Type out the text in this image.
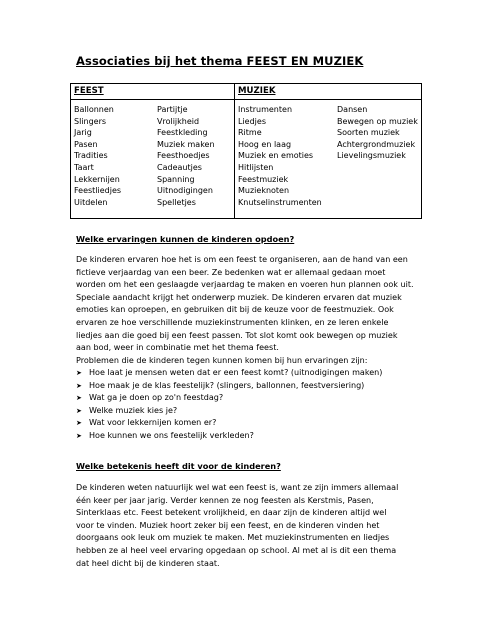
Associaties bij het thema FEEST EN MUZIEK
FEEST	MUZIEK
Ballonnen
Slingers
Jarig
Pasen
Tradities
Taart
Lekkernijen
Feestliedjes
Uitdelen
Partijtje
Vrolijkheid
Feestkleding
Muziek maken
Feesthoedjes
Cadeautjes
Spanning
Uitnodigingen
Spelletjes
Instrumenten
Liedjes
Ritme
Hoog en laag
Muziek en emoties
Hitlijsten
Feestmuziek
Muzieknoten
Knutselinstrumenten
Dansen
Bewegen op muziek
Soorten muziek
Achtergrondmuziek
Lievelingsmuziek
Welke ervaringen kunnen de kinderen opdoen?
De kinderen ervaren hoe het is om een feest te organiseren, aan de hand van een
fictieve verjaardag van een beer. Ze bedenken wat er allemaal gedaan moet
worden om het een geslaagde verjaardag te maken en voeren hun plannen ook uit.
Speciale aandacht krijgt het onderwerp muziek. De kinderen ervaren dat muziek
emoties kan oproepen, en gebruiken dit bij de keuze voor de feestmuziek. Ook
ervaren ze hoe verschillende muziekinstrumenten klinken, en ze leren enkele
liedjes aan die goed bij een feest passen. Tot slot komt ook bewegen op muziek
aan bod, weer in combinatie met het thema feest.
Problemen die de kinderen tegen kunnen komen bij hun ervaringen zijn:
➤ Hoe laat je mensen weten dat er een feest komt? (uitnodigingen maken)
➤ Hoe maak je de klas feestelijk? (slingers, ballonnen, feestversiering)
➤ Wat ga je doen op zo'n feestdag?
➤ Welke muziek kies je?
➤ Wat voor lekkernijen komen er?
➤ Hoe kunnen we ons feestelijk verkleden?
Welke betekenis heeft dit voor de kinderen?
De kinderen weten natuurlijk wel wat een feest is, want ze zijn immers allemaal
één keer per jaar jarig. Verder kennen ze nog feesten als Kerstmis, Pasen,
Sinterklaas etc. Feest betekent vrolijkheid, en daar zijn de kinderen altijd wel
voor te vinden. Muziek hoort zeker bij een feest, en de kinderen vinden het
doorgaans ook leuk om muziek te maken. Met muziekinstrumenten en liedjes
hebben ze al heel veel ervaring opgedaan op school. Al met al is dit een thema
dat heel dicht bij de kinderen staat.
